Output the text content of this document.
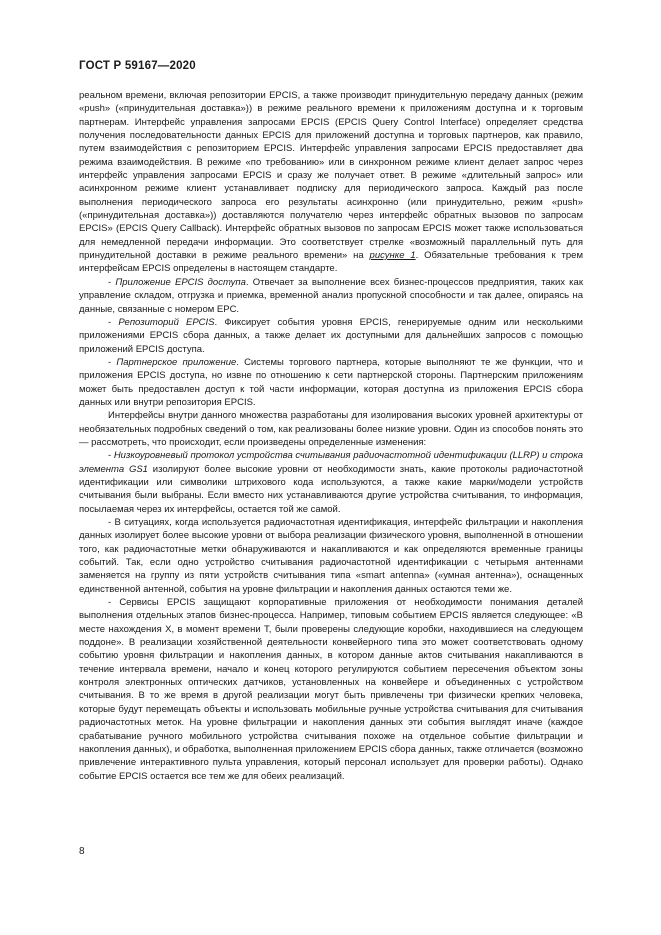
ГОСТ Р 59167—2020

реальном времени, включая репозитории EPCIS, а также производит принудительную передачу данных (режим «push» («принудительная доставка»)) в режиме реального времени к приложениям доступна и к торговым партнерам. Интерфейс управления запросами EPCIS (EPCIS Query Control Interface) определяет средства получения последовательности данных EPCIS для приложений доступна и торговых партнеров, как правило, путем взаимодействия с репозиторием EPCIS. Интерфейс управления запросами EPCIS предоставляет два режима взаимодействия. В режиме «по требованию» или в синхронном режиме клиент делает запрос через интерфейс управления запросами EPCIS и сразу же получает ответ. В режиме «длительный запрос» или асинхронном режиме клиент устанавливает подписку для периодического запроса. Каждый раз после выполнения периодического запроса его результаты асинхронно (или принудительно, режим «push» («принудительная доставка»)) доставляются получателю через интерфейс обратных вызовов по запросам EPCIS» (EPCIS Query Callback). Интерфейс обратных вызовов по запросам EPCIS может также использоваться для немедленной передачи информации. Это соответствует стрелке «возможный параллельный путь для принудительной доставки в режиме реального времени» на рисунке 1. Обязательные требования к трем интерфейсам EPCIS определены в настоящем стандарте.

- Приложение EPCIS доступа. Отвечает за выполнение всех бизнес-процессов предприятия, таких как управление складом, отгрузка и приемка, временной анализ пропускной способности и так далее, опираясь на данные, связанные с номером EPC.

- Репозиторий EPCIS. Фиксирует события уровня EPCIS, генерируемые одним или несколькими приложениями EPCIS сбора данных, а также делает их доступными для дальнейших запросов с помощью приложений EPCIS доступа.

- Партнерское приложение. Системы торгового партнера, которые выполняют те же функции, что и приложения EPCIS доступа, но извне по отношению к сети партнерской стороны. Партнерским приложениям может быть предоставлен доступ к той части информации, которая доступна из приложения EPCIS сбора данных или внутри репозитория EPCIS.

Интерфейсы внутри данного множества разработаны для изолирования высоких уровней архитектуры от необязательных подробных сведений о том, как реализованы более низкие уровни. Один из способов понять это — рассмотреть, что происходит, если произведены определенные изменения:

- Низкоуровневый протокол устройства считывания радиочастотной идентификации (LLRP) и строка элемента GS1 изолируют более высокие уровни от необходимости знать, какие протоколы радиочастотной идентификации или символики штрихового кода используются, а также какие марки/модели устройств считывания были выбраны. Если вместо них устанавливаются другие устройства считывания, то информация, посылаемая через их интерфейсы, остается той же самой.

- В ситуациях, когда используется радиочастотная идентификация, интерфейс фильтрации и накопления данных изолирует более высокие уровни от выбора реализации физического уровня, выполненной в отношении того, как радиочастотные метки обнаруживаются и накапливаются и как определяются временные границы событий. Так, если одно устройство считывания радиочастотной идентификации с четырьмя антеннами заменяется на группу из пяти устройств считывания типа «smart antenna» («умная антенна»), оснащенных единственной антенной, события на уровне фильтрации и накопления данных остаются теми же.

- Сервисы EPCIS защищают корпоративные приложения от необходимости понимания деталей выполнения отдельных этапов бизнес-процесса. Например, типовым событием EPCIS является следующее: «В месте нахождения X, в момент времени T, были проверены следующие коробки, находившиеся на следующем поддоне». В реализации хозяйственной деятельности конвейерного типа это может соответствовать одному событию уровня фильтрации и накопления данных, в котором данные актов считывания накапливаются в течение интервала времени, начало и конец которого регулируются событием пересечения объектом зоны контроля электронных оптических датчиков, установленных на конвейере и объединенных с устройством считывания. В то же время в другой реализации могут быть привлечены три физически крепких человека, которые будут перемещать объекты и использовать мобильные ручные устройства считывания для считывания радиочастотных меток. На уровне фильтрации и накопления данных эти события выглядят иначе (каждое срабатывание ручного мобильного устройства считывания похоже на отдельное событие фильтрации и накопления данных), и обработка, выполненная приложением EPCIS сбора данных, также отличается (возможно привлечение интерактивного пульта управления, который персонал использует для проверки работы). Однако событие EPCIS остается все тем же для обеих реализаций.

8
